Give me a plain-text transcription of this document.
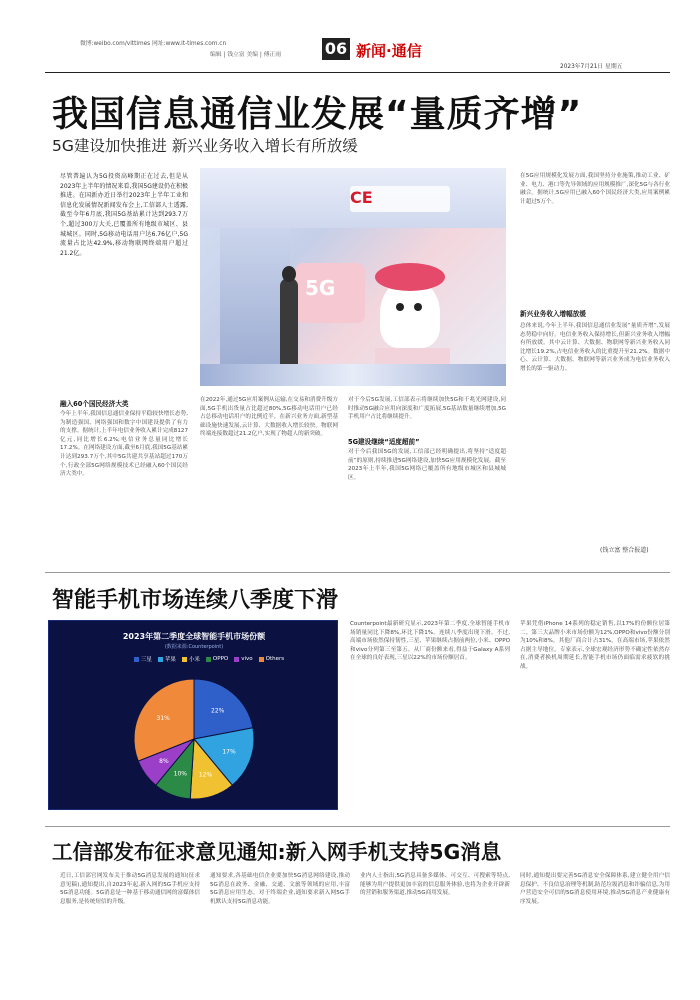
微博:weibo.com/vittimes 网址:www.it-times.com.cn
编辑 | 钱立富 美编 | 傅正雨	06 新闻·通信
2023年7月21日 星期五
我国信息通信业发展“量质齐增”
5G建设加快推进 新兴业务收入增长有所放缓
尽管普遍认为5G投资高峰期正在过去,但是从2023年上半年的情况来看,我国5G建设仍在积极推进。在国新办近日举行2023年上半年工业和信息化发展情况新闻发布会上,工信部人士透露,截至今年6月底,我国5G基站累计达到293.7万个,超过300万大关,已覆盖所有地级市城区、县城城区。同时,5G移动电话用户达6.76亿户,5G流量占比达42.9%,移动物联网终端用户超过21.2亿。
CE
5G
融入60个国民经济大类
今年上半年,我国信息通信业保持平稳较快增长态势,为制造强国、网络强国和数字中国建设提供了有力的支撑。据统计,上半年电信业务收入累计完成8127亿元,同比增长6.2%;电信业务总量同比增长17.2%。在网络建设方面,截至6月底,我国5G基站累计达到293.7万个,其中5G共建共享基站超过170万个,行政全部5G网络规模技术已经融入60个国民经济大类中。
在2022年,通过5G应用案例从运输,在交易和消费升级方面,5G手机出货量占比超过80%,5G移动电话用户已经占总移动电话用户的比例近半。在新兴业务方面,新型基础设施快速发展,云计算、大数据收入增长较快。物联网终端连接数超过21.2亿户,实现了物超人的新突破。
对于今后5G发展,工信部表示将继续加快5G和千兆光网建设,同时推动5G融合应用向深度和广度拓展,5G基站数量继续增加,5G手机用户占比将继续提升。
5G建设继续“适度超前”
对于今后我国5G的发展,工信部已经明确提出,将坚持“适度超前”的原则,持续推进5G网络建设,加快5G应用规模化发展。截至2023年上半年,我国5G网络已覆盖所有地级市城区和县城城区。
在5G应用规模化发展方面,我国坚持分业施策,推动工业、矿业、电力、港口等先导领域的应用规模推广,深化5G与各行业融合。据统计,5G应用已融入60个国民经济大类,应用案例累计超过5万个。
新兴业务收入增幅放缓
总体来说,今年上半年,我国信息通信业发展“量质齐增”,发展态势稳中向好。电信业务收入保持增长,但新兴业务收入增幅有所放缓。其中云计算、大数据、物联网等新兴业务收入同比增长19.2%,占电信业务收入的比重提升至21.2%。数据中心、云计算、大数据、物联网等新兴业务成为电信业务收入增长的第一驱动力。
(钱立富 整合报道)
智能手机市场连续八季度下滑
2023年第二季度全球智能手机市场份额
(数据来源:Counterpoint)
三星 苹果 小米 OPPO vivo Others
22%
17%
12%
10%
8%
31%
Counterpoint最新研究显示,2023年第二季度,全球智能手机市场销量同比下降8%,环比下降1%。连续八季度出现下滑。不过,高端市场依然保持韧性,三星、苹果继续占据前两位,小米、OPPO和vivo分列第三至第五。从厂商份额来看,得益于Galaxy A系列在全球的良好表现,三星以22%的市场份额居首。
苹果凭借iPhone 14系列的稳定销售,以17%的份额位居第二。第三大品牌小米市场份额为12%,OPPO和vivo份额分别为10%和8%。其他厂商合计占31%。在高端市场,苹果依然占据主导地位。专家表示,全球宏观经济形势不确定性依然存在,消费者换机周期延长,智能手机市场仍面临需求疲软的挑战。
工信部发布征求意见通知:新入网手机支持5G消息
近日,工信部官网发布关于推动5G消息发展的通知(征求意见稿),通知提出,自2023年起,新入网的5G手机应支持5G消息功能。5G消息是一种基于移动通信网的富媒体信息服务,是传统短信的升级。
通知要求,各基础电信企业要加快5G消息网络建设,推动5G消息在政务、金融、交通、文旅等领域的应用,丰富5G消息应用生态。对于终端企业,通知要求新入网5G手机默认支持5G消息功能。
业内人士指出,5G消息具备多媒体、可交互、可搜索等特点,能够为用户提供更加丰富的信息服务体验,也将为企业开辟新的营销和服务渠道,推动5G商用发展。
同时,通知提出要完善5G消息安全保障体系,建立健全用户信息保护、不良信息治理等机制,防范垃圾消息和诈骗信息,为用户营造安全可信的5G消息使用环境,推动5G消息产业健康有序发展。
